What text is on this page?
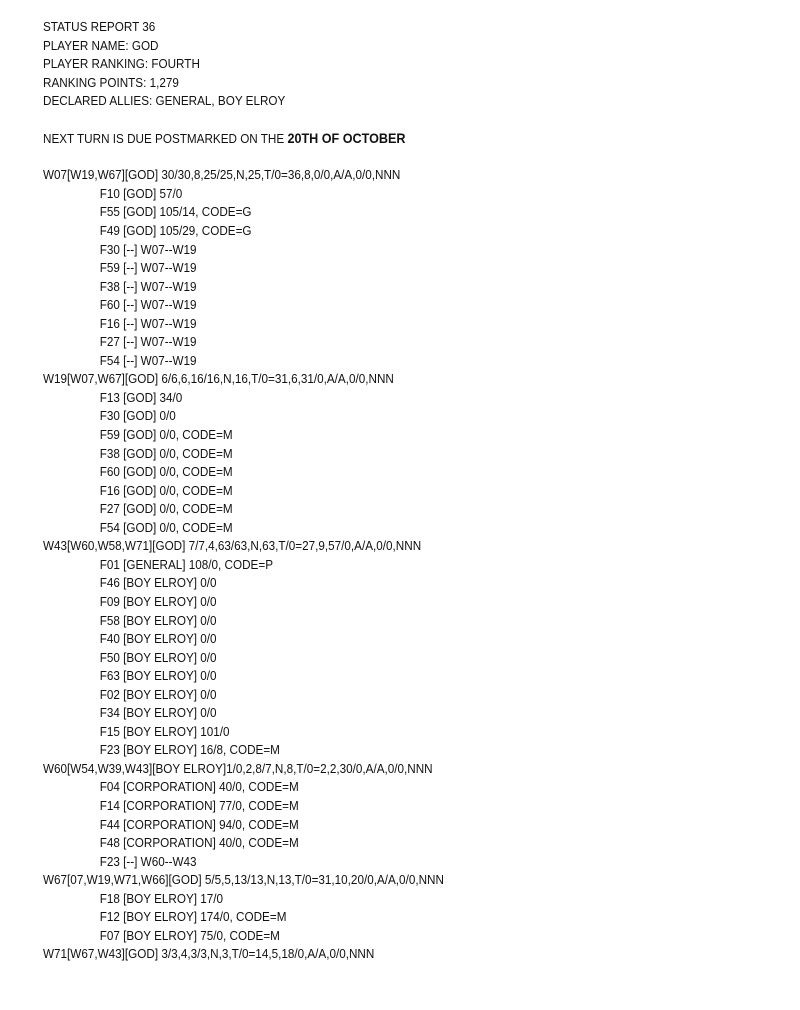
STATUS REPORT 36
PLAYER NAME: GOD
PLAYER RANKING: FOURTH
RANKING POINTS: 1,279
DECLARED ALLIES: GENERAL, BOY ELROY
NEXT TURN IS DUE POSTMARKED ON THE 20TH OF OCTOBER
W07[W19,W67][GOD] 30/30,8,25/25,N,25,T/0=36,8,0/0,A/A,0/0,NNN
F10 [GOD] 57/0
F55 [GOD] 105/14, CODE=G
F49 [GOD] 105/29, CODE=G
F30 [--] W07--W19
F59 [--] W07--W19
F38 [--] W07--W19
F60 [--] W07--W19
F16 [--] W07--W19
F27 [--] W07--W19
F54 [--] W07--W19
W19[W07,W67][GOD] 6/6,6,16/16,N,16,T/0=31,6,31/0,A/A,0/0,NNN
F13 [GOD] 34/0
F30 [GOD] 0/0
F59 [GOD] 0/0, CODE=M
F38 [GOD] 0/0, CODE=M
F60 [GOD] 0/0, CODE=M
F16 [GOD] 0/0, CODE=M
F27 [GOD] 0/0, CODE=M
F54 [GOD] 0/0, CODE=M
W43[W60,W58,W71][GOD] 7/7,4,63/63,N,63,T/0=27,9,57/0,A/A,0/0,NNN
F01 [GENERAL] 108/0, CODE=P
F46 [BOY ELROY] 0/0
F09 [BOY ELROY] 0/0
F58 [BOY ELROY] 0/0
F40 [BOY ELROY] 0/0
F50 [BOY ELROY] 0/0
F63 [BOY ELROY] 0/0
F02 [BOY ELROY] 0/0
F34 [BOY ELROY] 0/0
F15 [BOY ELROY] 101/0
F23 [BOY ELROY] 16/8, CODE=M
W60[W54,W39,W43][BOY ELROY]1/0,2,8/7,N,8,T/0=2,2,30/0,A/A,0/0,NNN
F04 [CORPORATION] 40/0, CODE=M
F14 [CORPORATION] 77/0, CODE=M
F44 [CORPORATION] 94/0, CODE=M
F48 [CORPORATION] 40/0, CODE=M
F23 [--] W60--W43
W67[07,W19,W71,W66][GOD] 5/5,5,13/13,N,13,T/0=31,10,20/0,A/A,0/0,NNN
F18 [BOY ELROY] 17/0
F12 [BOY ELROY] 174/0, CODE=M
F07 [BOY ELROY] 75/0, CODE=M
W71[W67,W43][GOD] 3/3,4,3/3,N,3,T/0=14,5,18/0,A/A,0/0,NNN
